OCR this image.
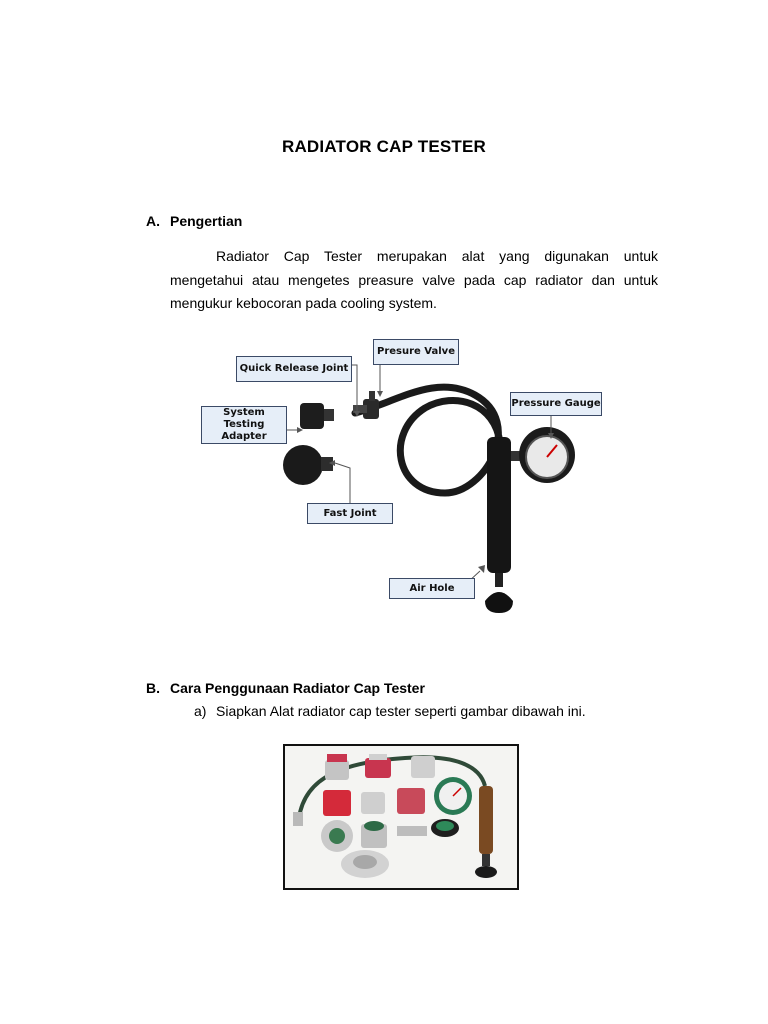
RADIATOR CAP TESTER
A. Pengertian
Radiator Cap Tester merupakan alat yang digunakan untuk mengetahui atau mengetes preasure valve pada cap radiator dan untuk mengukur kebocoran pada cooling system.
Quick Release Joint
Presure Valve
System Testing Adapter
Pressure Gauge
Fast Joint
Air Hole
B. Cara Penggunaan Radiator Cap Tester
a) Siapkan Alat radiator cap tester seperti gambar dibawah ini.
